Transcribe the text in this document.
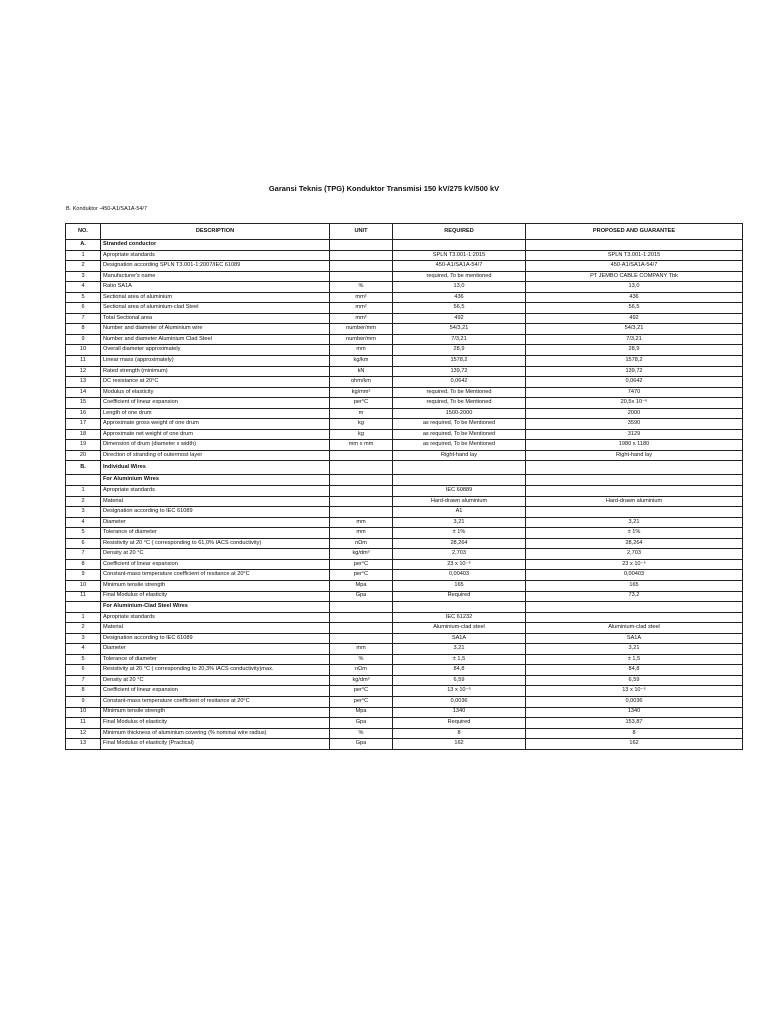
Garansi Teknis (TPG) Konduktor Transmisi 150 kV/275 kV/500 kV
B. Konduktor -450-A1/SA1A-54/7
NO.	DESCRIPTION	UNIT	REQUIRED	PROPOSED AND GUARANTEE
A.	Stranded conductor			
1	Apropriate standards		SPLN T3.001-1:2015	SPLN T3.001-1:2015
2	Designation according SPLN T3.001-1:2007/IEC 61089		450-A1/SA1A-54/7	450-A1/SA1A-54/7
3	Manufacturer's name		required, To be mentioned	PT JEMBO CABLE COMPANY Tbk
4	Ratio SA1A	%	13,0	13,0
5	Sectional area of aluminium	mm²	436	436
6	Sectional area of aluminium-clad Steel	mm²	56,5	56,5
7	Total Sectional area	mm²	492	492
8	Number and diameter of Aluminium wire	number/mm	54/3,21	54/3,21
9	Number and diameter Aluminium Clad Steel	number/mm	7/3,21	7/3,21
10	Overall diameter approximately	mm	28,9	28,9
11	Linear mass (approximately)	kg/km	1578,2	1578,2
12	Rated strength (minimum)	kN	139,72	139,72
13	DC resistance at 20°C	ohm/km	0,0642	0,0642
14	Modulus of elasticity	kg/mm²	required, To be Mentioned	7470
15	Coefficient of linear expansion	per°C	required, To be Mentioned	20,5x 10⁻⁶
16	Length of one drum	m	1500-2000	2000
17	Approximate gross weight of one drum	kg	as required, To be Mentioned	3590
18	Approximate net weight of one drum	kg	as required, To be Mentioned	3129
19	Dimension of drum (diameter x width)	mm x mm	as required, To be Mentioned	1980 x 1180
20	Direction of stranding of outermost layer		Right-hand lay	Right-hand lay
B.	Individual Wires			
	For Aluminium Wires			
1	Apropriate standards		IEC 60889	
2	Material		Hard-drawn aluminium	Hard-drawn aluminium
3	Designation according to IEC 61089		A1	
4	Diameter	mm	3,21	3,21
5	Tolerance of diameter	mm	± 1%	± 1%
6	Resistivity at 20 °C ( corresponding to 61,0% IACS conductivity)	nΩm	28,264	28,264
7	Density at 20 °C	kg/dm³	2,703	2,703
8	Coefficient of linear expansion	per°C	23 x 10⁻⁶	23 x 10⁻⁶
9	Constant-mass temperature coefficient of resitance at 20°C	per°C	0,00403	0,00403
10	Minimum tensile strength	Mpa	165	165
11	Final Modulus of elasticity	Gpa	Required	73,2
	For Aluminium-Clad Steel Wires			
1	Apropriate standards		IEC 61232	
2	Material		Aluminium-clad steel	Aluminium-clad steel
3	Designation according to IEC 61089		SA1A	SA1A
4	Diameter	mm	3,21	3,21
5	Tolerance of diameter	%	± 1,5	± 1,5
6	Resistivity at 20 °C ( corresponding to 20,3% IACS conductivity)max.	nΩm	84,8	84,8
7	Density at 20 °C	kg/dm³	6,59	6,59
8	Coefficient of linear expansion	per°C	13 x 10⁻⁶	13 x 10⁻⁶
9	Constant-mass temperature coefficient of resitance at 20°C	per°C	0,0036	0,0036
10	Minimum tensile strength	Mpa	1340	1340
11	Final Modulus of elasticity	Gpa	Required	153,87
12	Minimum thickness of aluminium covering (% nominal wire radius)	%	8	8
13	Final Modulus of elasticity (Practical)	Gpa	162	162
